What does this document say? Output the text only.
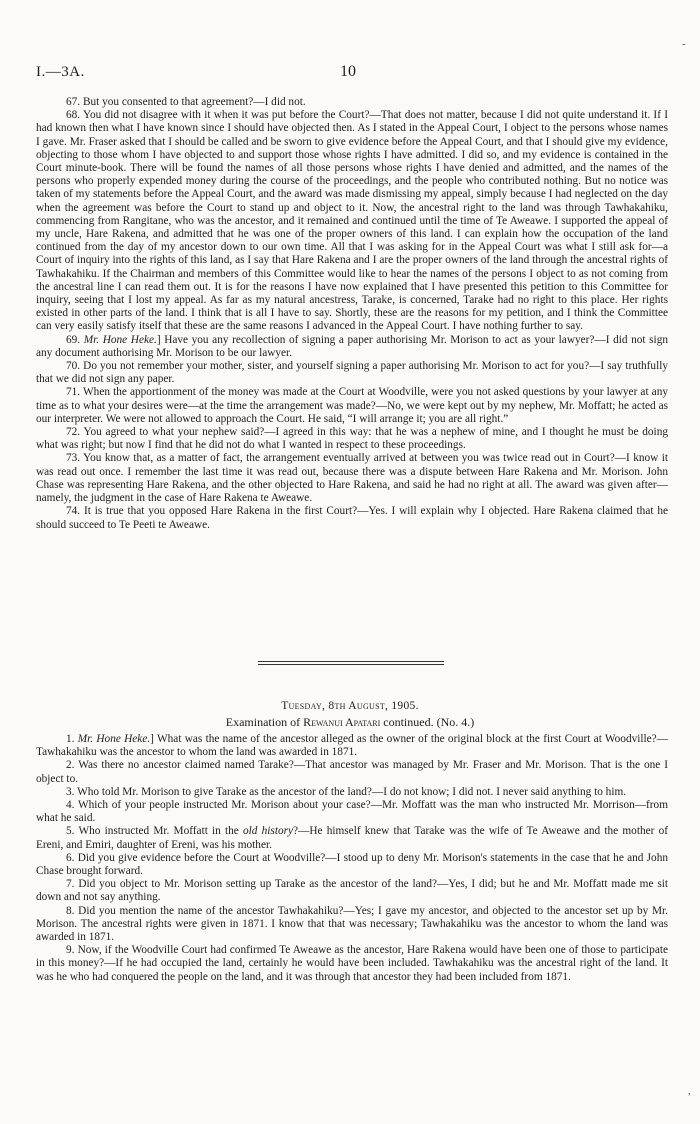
I.—3A.	10

67. But you consented to that agreement?—I did not.

68. You did not disagree with it when it was put before the Court?—That does not matter, because I did not quite understand it. If I had known then what I have known since I should have objected then. As I stated in the Appeal Court, I object to the persons whose names I gave. Mr. Fraser asked that I should be called and be sworn to give evidence before the Appeal Court, and that I should give my evidence, objecting to those whom I have objected to and support those whose rights I have admitted. I did so, and my evidence is contained in the Court minute-book. There will be found the names of all those persons whose rights I have denied and admitted, and the names of the persons who properly expended money during the course of the proceedings, and the people who contributed nothing. But no notice was taken of my statements before the Appeal Court, and the award was made dismissing my appeal, simply because I had neglected on the day when the agreement was before the Court to stand up and object to it. Now, the ancestral right to the land was through Tawhakahiku, commencing from Rangitane, who was the ancestor, and it remained and continued until the time of Te Aweawe. I supported the appeal of my uncle, Hare Rakena, and admitted that he was one of the proper owners of this land. I can explain how the occupation of the land continued from the day of my ancestor down to our own time. All that I was asking for in the Appeal Court was what I still ask for—a Court of inquiry into the rights of this land, as I say that Hare Rakena and I are the proper owners of the land through the ancestral rights of Tawhakahiku. If the Chairman and members of this Committee would like to hear the names of the persons I object to as not coming from the ancestral line I can read them out. It is for the reasons I have now explained that I have presented this petition to this Committee for inquiry, seeing that I lost my appeal. As far as my natural ancestress, Tarake, is concerned, Tarake had no right to this place. Her rights existed in other parts of the land. I think that is all I have to say. Shortly, these are the reasons for my petition, and I think the Committee can very easily satisfy itself that these are the same reasons I advanced in the Appeal Court. I have nothing further to say.

69. Mr. Hone Heke.] Have you any recollection of signing a paper authorising Mr. Morison to act as your lawyer?—I did not sign any document authorising Mr. Morison to be our lawyer.

70. Do you not remember your mother, sister, and yourself signing a paper authorising Mr. Morison to act for you?—I say truthfully that we did not sign any paper.

71. When the apportionment of the money was made at the Court at Woodville, were you not asked questions by your lawyer at any time as to what your desires were—at the time the arrangement was made?—No, we were kept out by my nephew, Mr. Moffatt; he acted as our interpreter. We were not allowed to approach the Court. He said, “I will arrange it; you are all right.”

72. You agreed to what your nephew said?—I agreed in this way: that he was a nephew of mine, and I thought he must be doing what was right; but now I find that he did not do what I wanted in respect to these proceedings.

73. You know that, as a matter of fact, the arrangement eventually arrived at between you was twice read out in Court?—I know it was read out once. I remember the last time it was read out, because there was a dispute between Hare Rakena and Mr. Morison. John Chase was representing Hare Rakena, and the other objected to Hare Rakena, and said he had no right at all. The award was given after—namely, the judgment in the case of Hare Rakena te Aweawe.

74. It is true that you opposed Hare Rakena in the first Court?—Yes. I will explain why I objected. Hare Rakena claimed that he should succeed to Te Peeti te Aweawe.

Tuesday, 8th August, 1905.
Examination of Rewanui Apatari continued. (No. 4.)

1. Mr. Hone Heke.] What was the name of the ancestor alleged as the owner of the original block at the first Court at Woodville?—Tawhakahiku was the ancestor to whom the land was awarded in 1871.

2. Was there no ancestor claimed named Tarake?—That ancestor was managed by Mr. Fraser and Mr. Morison. That is the one I object to.

3. Who told Mr. Morison to give Tarake as the ancestor of the land?—I do not know; I did not. I never said anything to him.

4. Which of your people instructed Mr. Morison about your case?—Mr. Moffatt was the man who instructed Mr. Morrison—from what he said.

5. Who instructed Mr. Moffatt in the old history?—He himself knew that Tarake was the wife of Te Aweawe and the mother of Ereni, and Emiri, daughter of Ereni, was his mother.

6. Did you give evidence before the Court at Woodville?—I stood up to deny Mr. Morison's statements in the case that he and John Chase brought forward.

7. Did you object to Mr. Morison setting up Tarake as the ancestor of the land?—Yes, I did; but he and Mr. Moffatt made me sit down and not say anything.

8. Did you mention the name of the ancestor Tawhakahiku?—Yes; I gave my ancestor, and objected to the ancestor set up by Mr. Morison. The ancestral rights were given in 1871. I know that that was necessary; Tawhakahiku was the ancestor to whom the land was awarded in 1871.

9. Now, if the Woodville Court had confirmed Te Aweawe as the ancestor, Hare Rakena would have been one of those to participate in this money?—If he had occupied the land, certainly he would have been included. Tawhakahiku was the ancestral right of the land. It was he who had conquered the people on the land, and it was through that ancestor they had been included from 1871.

-
,
